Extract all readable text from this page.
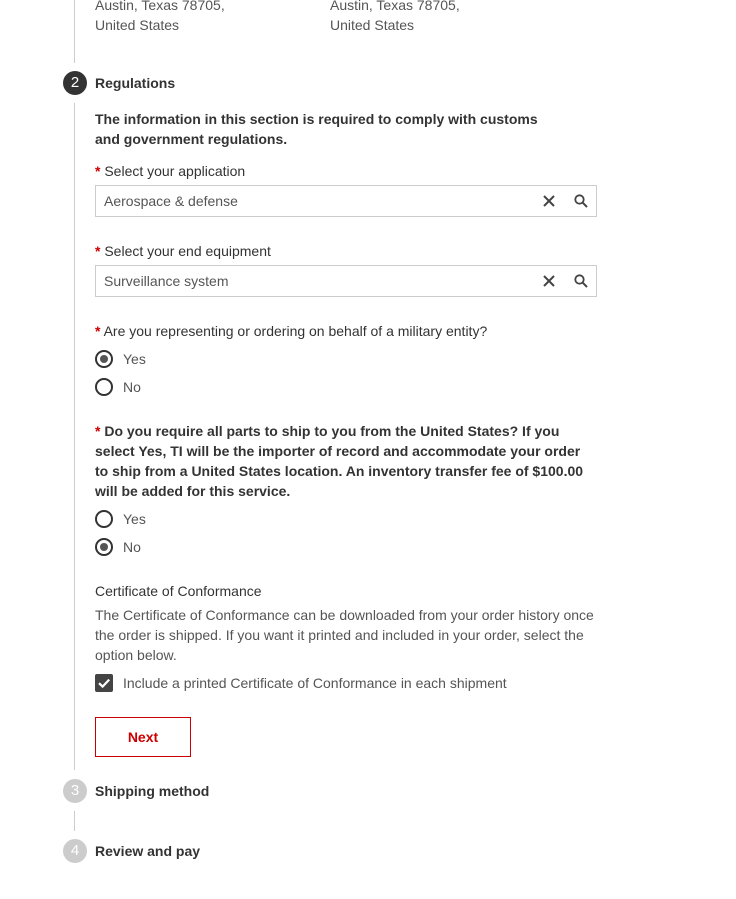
Austin, Texas 78705,
United States
Austin, Texas 78705,
United States
2	Regulations
The information in this section is required to comply with customs and government regulations.
* Select your application
Aerospace & defense
* Select your end equipment
Surveillance system
* Are you representing or ordering on behalf of a military entity?
Yes
No
* Do you require all parts to ship to you from the United States? If you select Yes, TI will be the importer of record and accommodate your order to ship from a United States location. An inventory transfer fee of $100.00 will be added for this service.
Yes
No
Certificate of Conformance
The Certificate of Conformance can be downloaded from your order history once the order is shipped. If you want it printed and included in your order, select the option below.
Include a printed Certificate of Conformance in each shipment
Next
3	Shipping method
4	Review and pay
